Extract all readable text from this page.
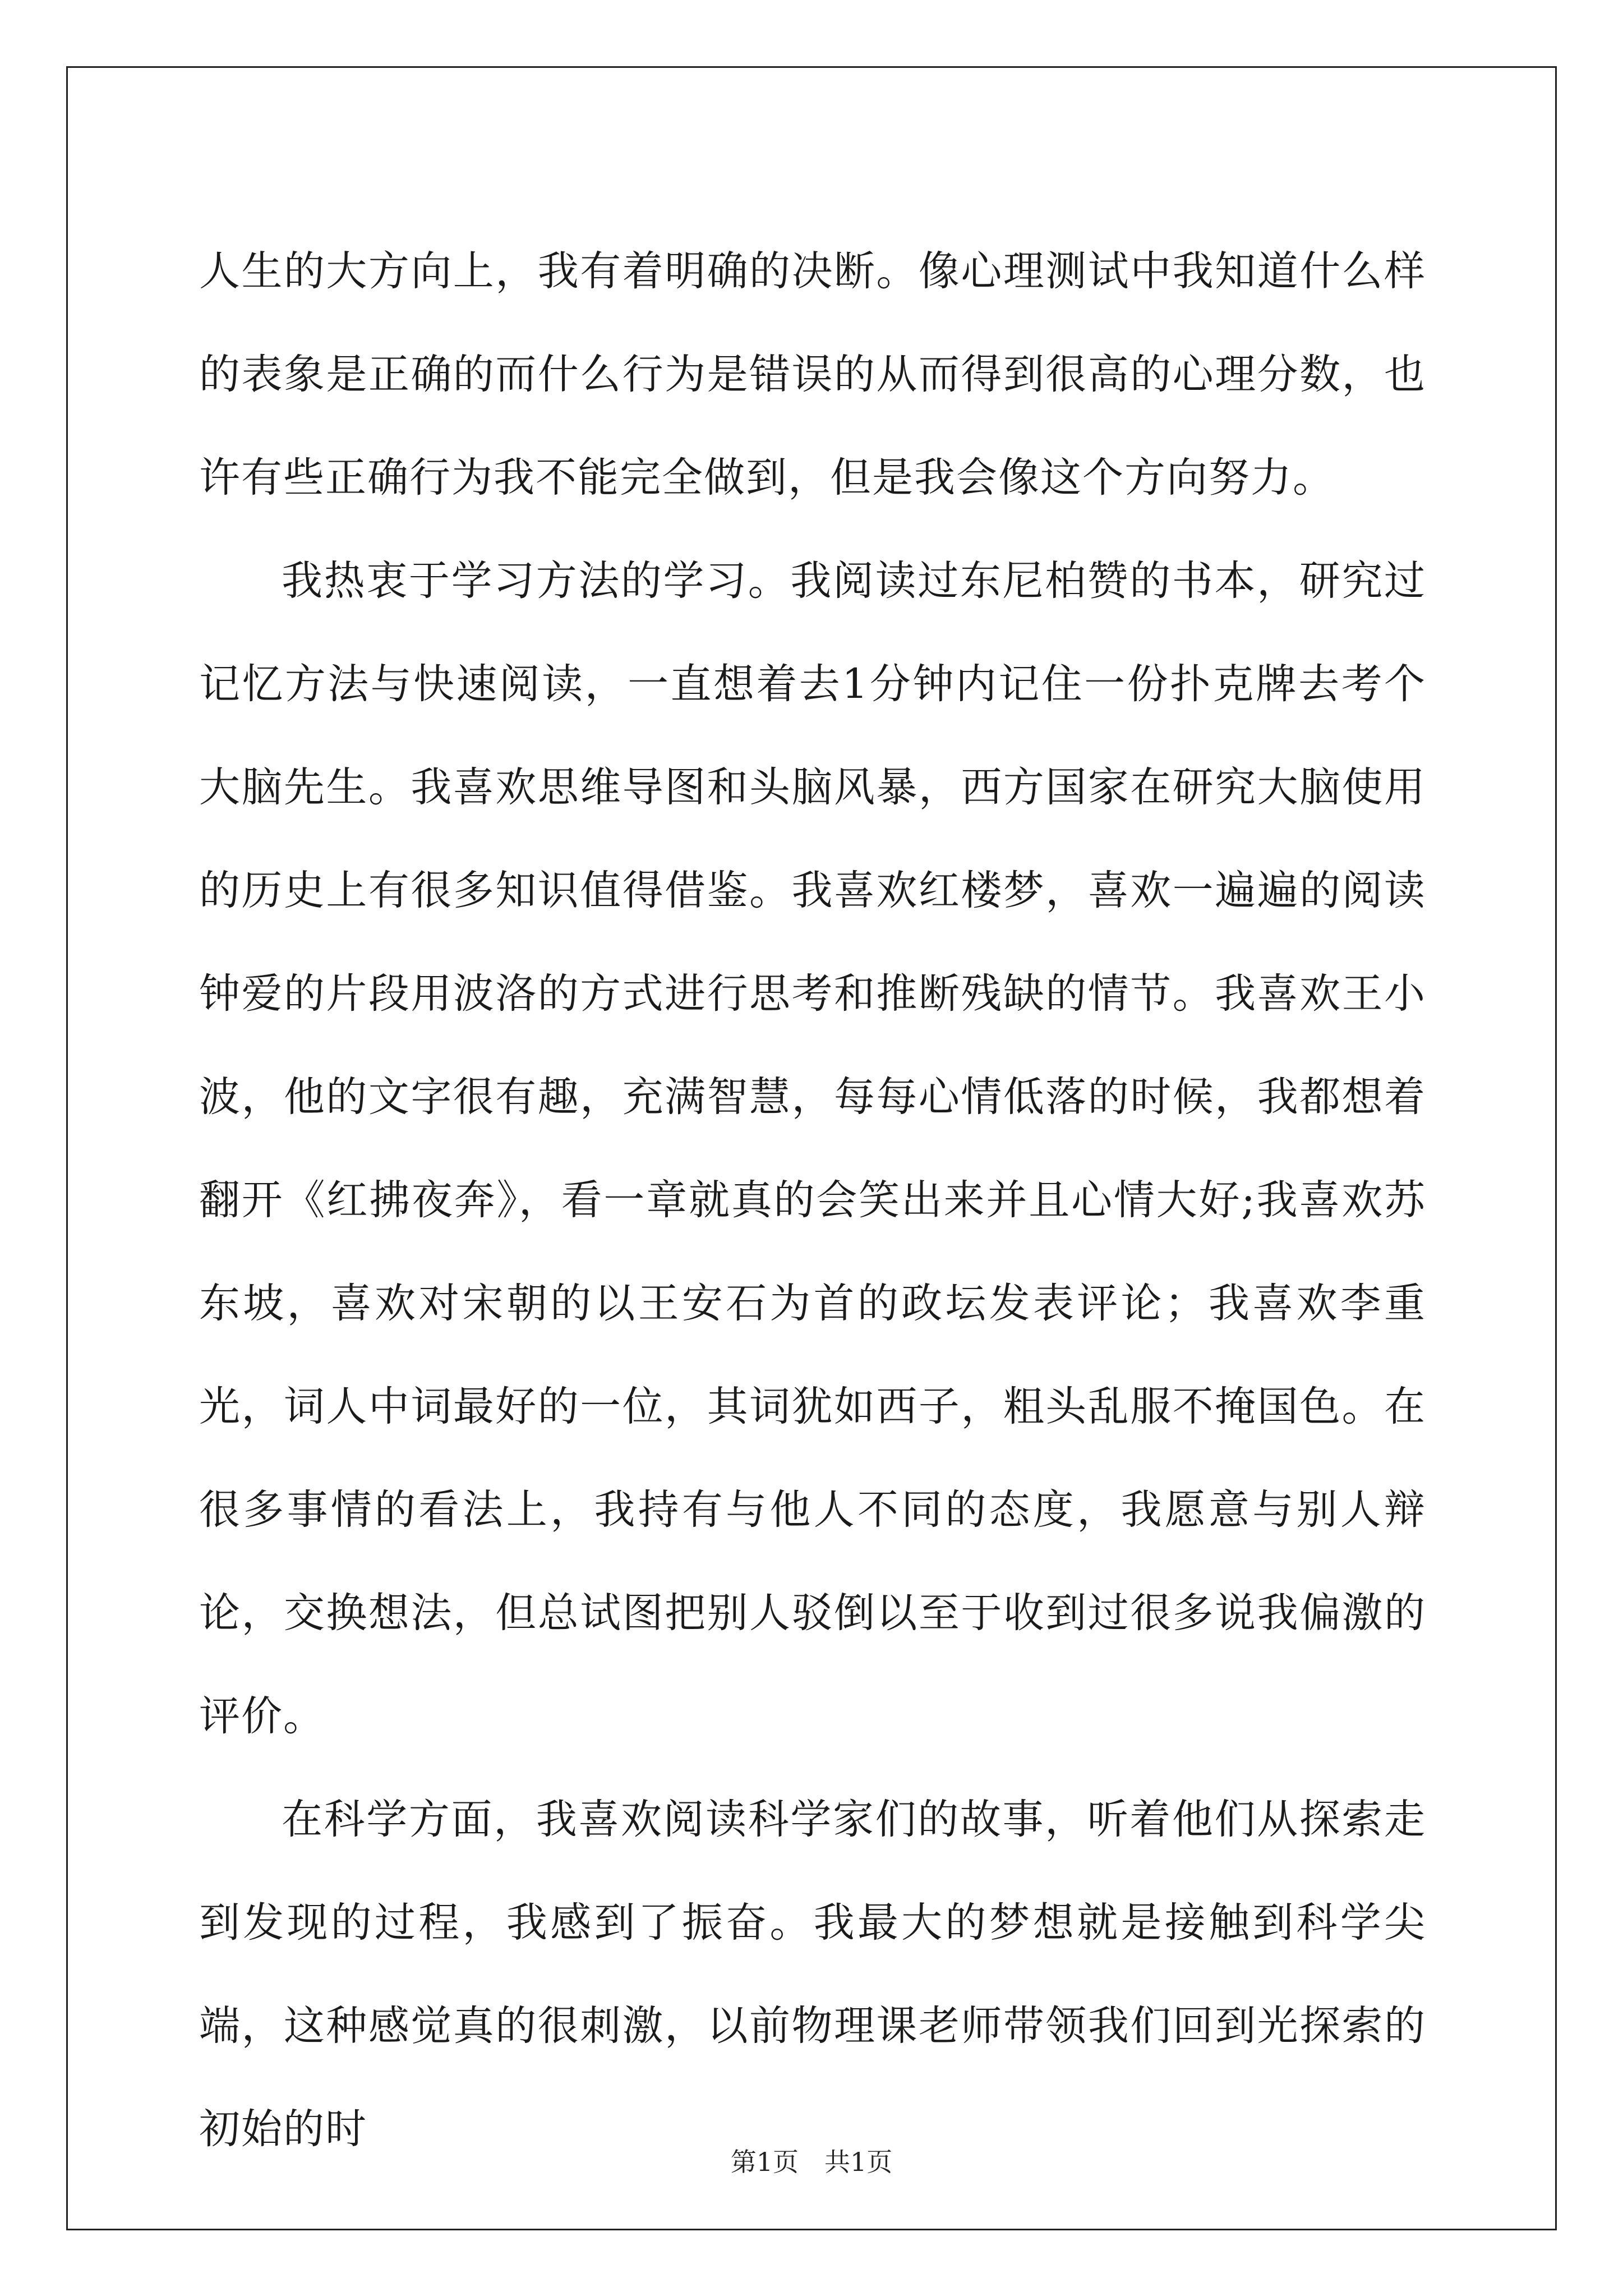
人生的大方向上，我有着明确的决断。像心理测试中我知道什么样的表象是正确的而什么行为是错误的从而得到很高的心理分数，也许有些正确行为我不能完全做到，但是我会像这个方向努力。

我热衷于学习方法的学习。我阅读过东尼柏赞的书本，研究过记忆方法与快速阅读，一直想着去1分钟内记住一份扑克牌去考个大脑先生。我喜欢思维导图和头脑风暴，西方国家在研究大脑使用的历史上有很多知识值得借鉴。我喜欢红楼梦，喜欢一遍遍的阅读钟爱的片段用波洛的方式进行思考和推断残缺的情节。我喜欢王小波，他的文字很有趣，充满智慧，每每心情低落的时候，我都想着翻开《红拂夜奔》，看一章就真的会笑出来并且心情大好;我喜欢苏东坡，喜欢对宋朝的以王安石为首的政坛发表评论；我喜欢李重光，词人中词最好的一位，其词犹如西子，粗头乱服不掩国色。在很多事情的看法上，我持有与他人不同的态度，我愿意与别人辩论，交换想法，但总试图把别人驳倒以至于收到过很多说我偏激的评价。

在科学方面，我喜欢阅读科学家们的故事，听着他们从探索走到发现的过程，我感到了振奋。我最大的梦想就是接触到科学尖端，这种感觉真的很刺激，以前物理课老师带领我们回到光探索的初始的时

第1页 共1页
